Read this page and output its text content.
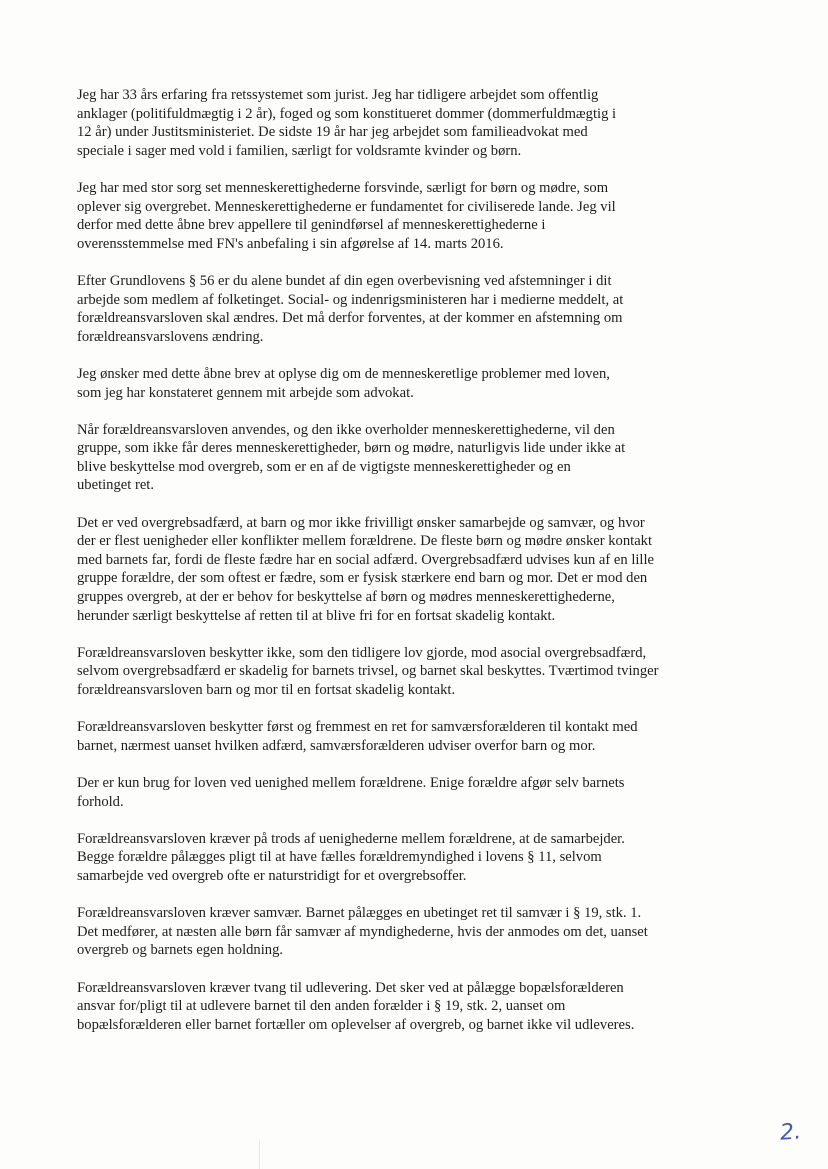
Jeg har 33 års erfaring fra retssystemet som jurist. Jeg har tidligere arbejdet som offentlig
anklager (politifuldmægtig i 2 år), foged og som konstitueret dommer (dommerfuldmægtig i
12 år) under Justitsministeriet. De sidste 19 år har jeg arbejdet som familieadvokat med
speciale i sager med vold i familien, særligt for voldsramte kvinder og børn.

Jeg har med stor sorg set menneskerettighederne forsvinde, særligt for børn og mødre, som
oplever sig overgrebet. Menneskerettighederne er fundamentet for civiliserede lande. Jeg vil
derfor med dette åbne brev appellere til genindførsel af menneskerettighederne i
overensstemmelse med FN's anbefaling i sin afgørelse af 14. marts 2016.

Efter Grundlovens § 56 er du alene bundet af din egen overbevisning ved afstemninger i dit
arbejde som medlem af folketinget. Social- og indenrigsministeren har i medierne meddelt, at
forældreansvarsloven skal ændres. Det må derfor forventes, at der kommer en afstemning om
forældreansvarslovens ændring.

Jeg ønsker med dette åbne brev at oplyse dig om de menneskeretlige problemer med loven,
som jeg har konstateret gennem mit arbejde som advokat.

Når forældreansvarsloven anvendes, og den ikke overholder menneskerettighederne, vil den
gruppe, som ikke får deres menneskerettigheder, børn og mødre, naturligvis lide under ikke at
blive beskyttelse mod overgreb, som er en af de vigtigste menneskerettigheder og en
ubetinget ret.

Det er ved overgrebsadfærd, at barn og mor ikke frivilligt ønsker samarbejde og samvær, og hvor
der er flest uenigheder eller konflikter mellem forældrene. De fleste børn og mødre ønsker kontakt
med barnets far, fordi de fleste fædre har en social adfærd. Overgrebsadfærd udvises kun af en lille
gruppe forældre, der som oftest er fædre, som er fysisk stærkere end barn og mor. Det er mod den
gruppes overgreb, at der er behov for beskyttelse af børn og mødres menneskerettighederne,
herunder særligt beskyttelse af retten til at blive fri for en fortsat skadelig kontakt.

Forældreansvarsloven beskytter ikke, som den tidligere lov gjorde, mod asocial overgrebsadfærd,
selvom overgrebsadfærd er skadelig for barnets trivsel, og barnet skal beskyttes. Tværtimod tvinger
forældreansvarsloven barn og mor til en fortsat skadelig kontakt.

Forældreansvarsloven beskytter først og fremmest en ret for samværsforælderen til kontakt med
barnet, nærmest uanset hvilken adfærd, samværsforælderen udviser overfor barn og mor.

Der er kun brug for loven ved uenighed mellem forældrene. Enige forældre afgør selv barnets
forhold.

Forældreansvarsloven kræver på trods af uenighederne mellem forældrene, at de samarbejder.
Begge forældre pålægges pligt til at have fælles forældremyndighed i lovens § 11, selvom
samarbejde ved overgreb ofte er naturstridigt for et overgrebsoffer.

Forældreansvarsloven kræver samvær. Barnet pålægges en ubetinget ret til samvær i § 19, stk. 1.
Det medfører, at næsten alle børn får samvær af myndighederne, hvis der anmodes om det, uanset
overgreb og barnets egen holdning.

Forældreansvarsloven kræver tvang til udlevering. Det sker ved at pålægge bopælsforælderen
ansvar for/pligt til at udlevere barnet til den anden forælder i § 19, stk. 2, uanset om
bopælsforælderen eller barnet fortæller om oplevelser af overgreb, og barnet ikke vil udleveres.

2.
